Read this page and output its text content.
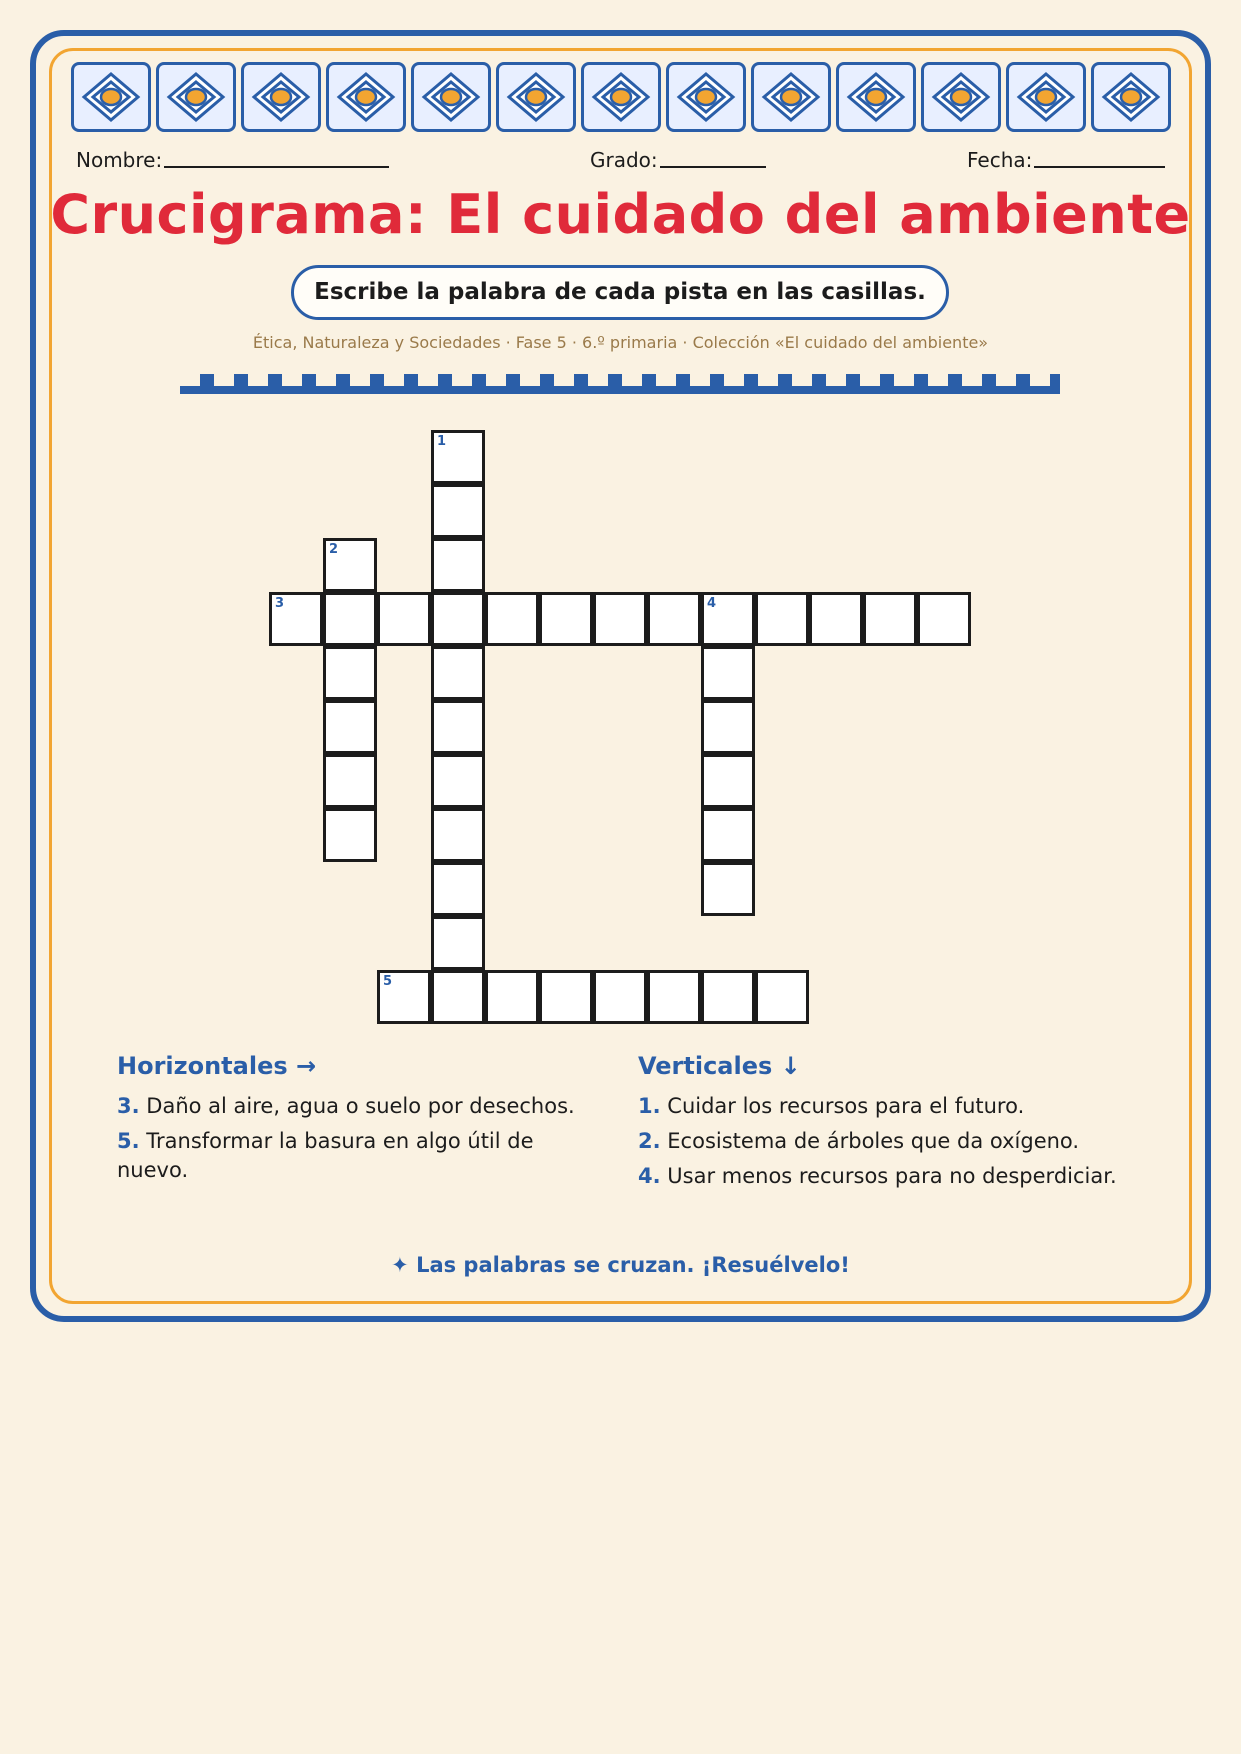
Nombre:	Grado:	Fecha:
Crucigrama: El cuidado del ambiente
Escribe la palabra de cada pista en las casillas.
Ética, Naturaleza y Sociedades · Fase 5 · 6.º primaria · Colección «El cuidado del ambiente»
1
2
3	4
5
Horizontales →
3. Daño al aire, agua o suelo por desechos.
5. Transformar la basura en algo útil de nuevo.
Verticales ↓
1. Cuidar los recursos para el futuro.
2. Ecosistema de árboles que da oxígeno.
4. Usar menos recursos para no desperdiciar.
✦ Las palabras se cruzan. ¡Resuélvelo!
